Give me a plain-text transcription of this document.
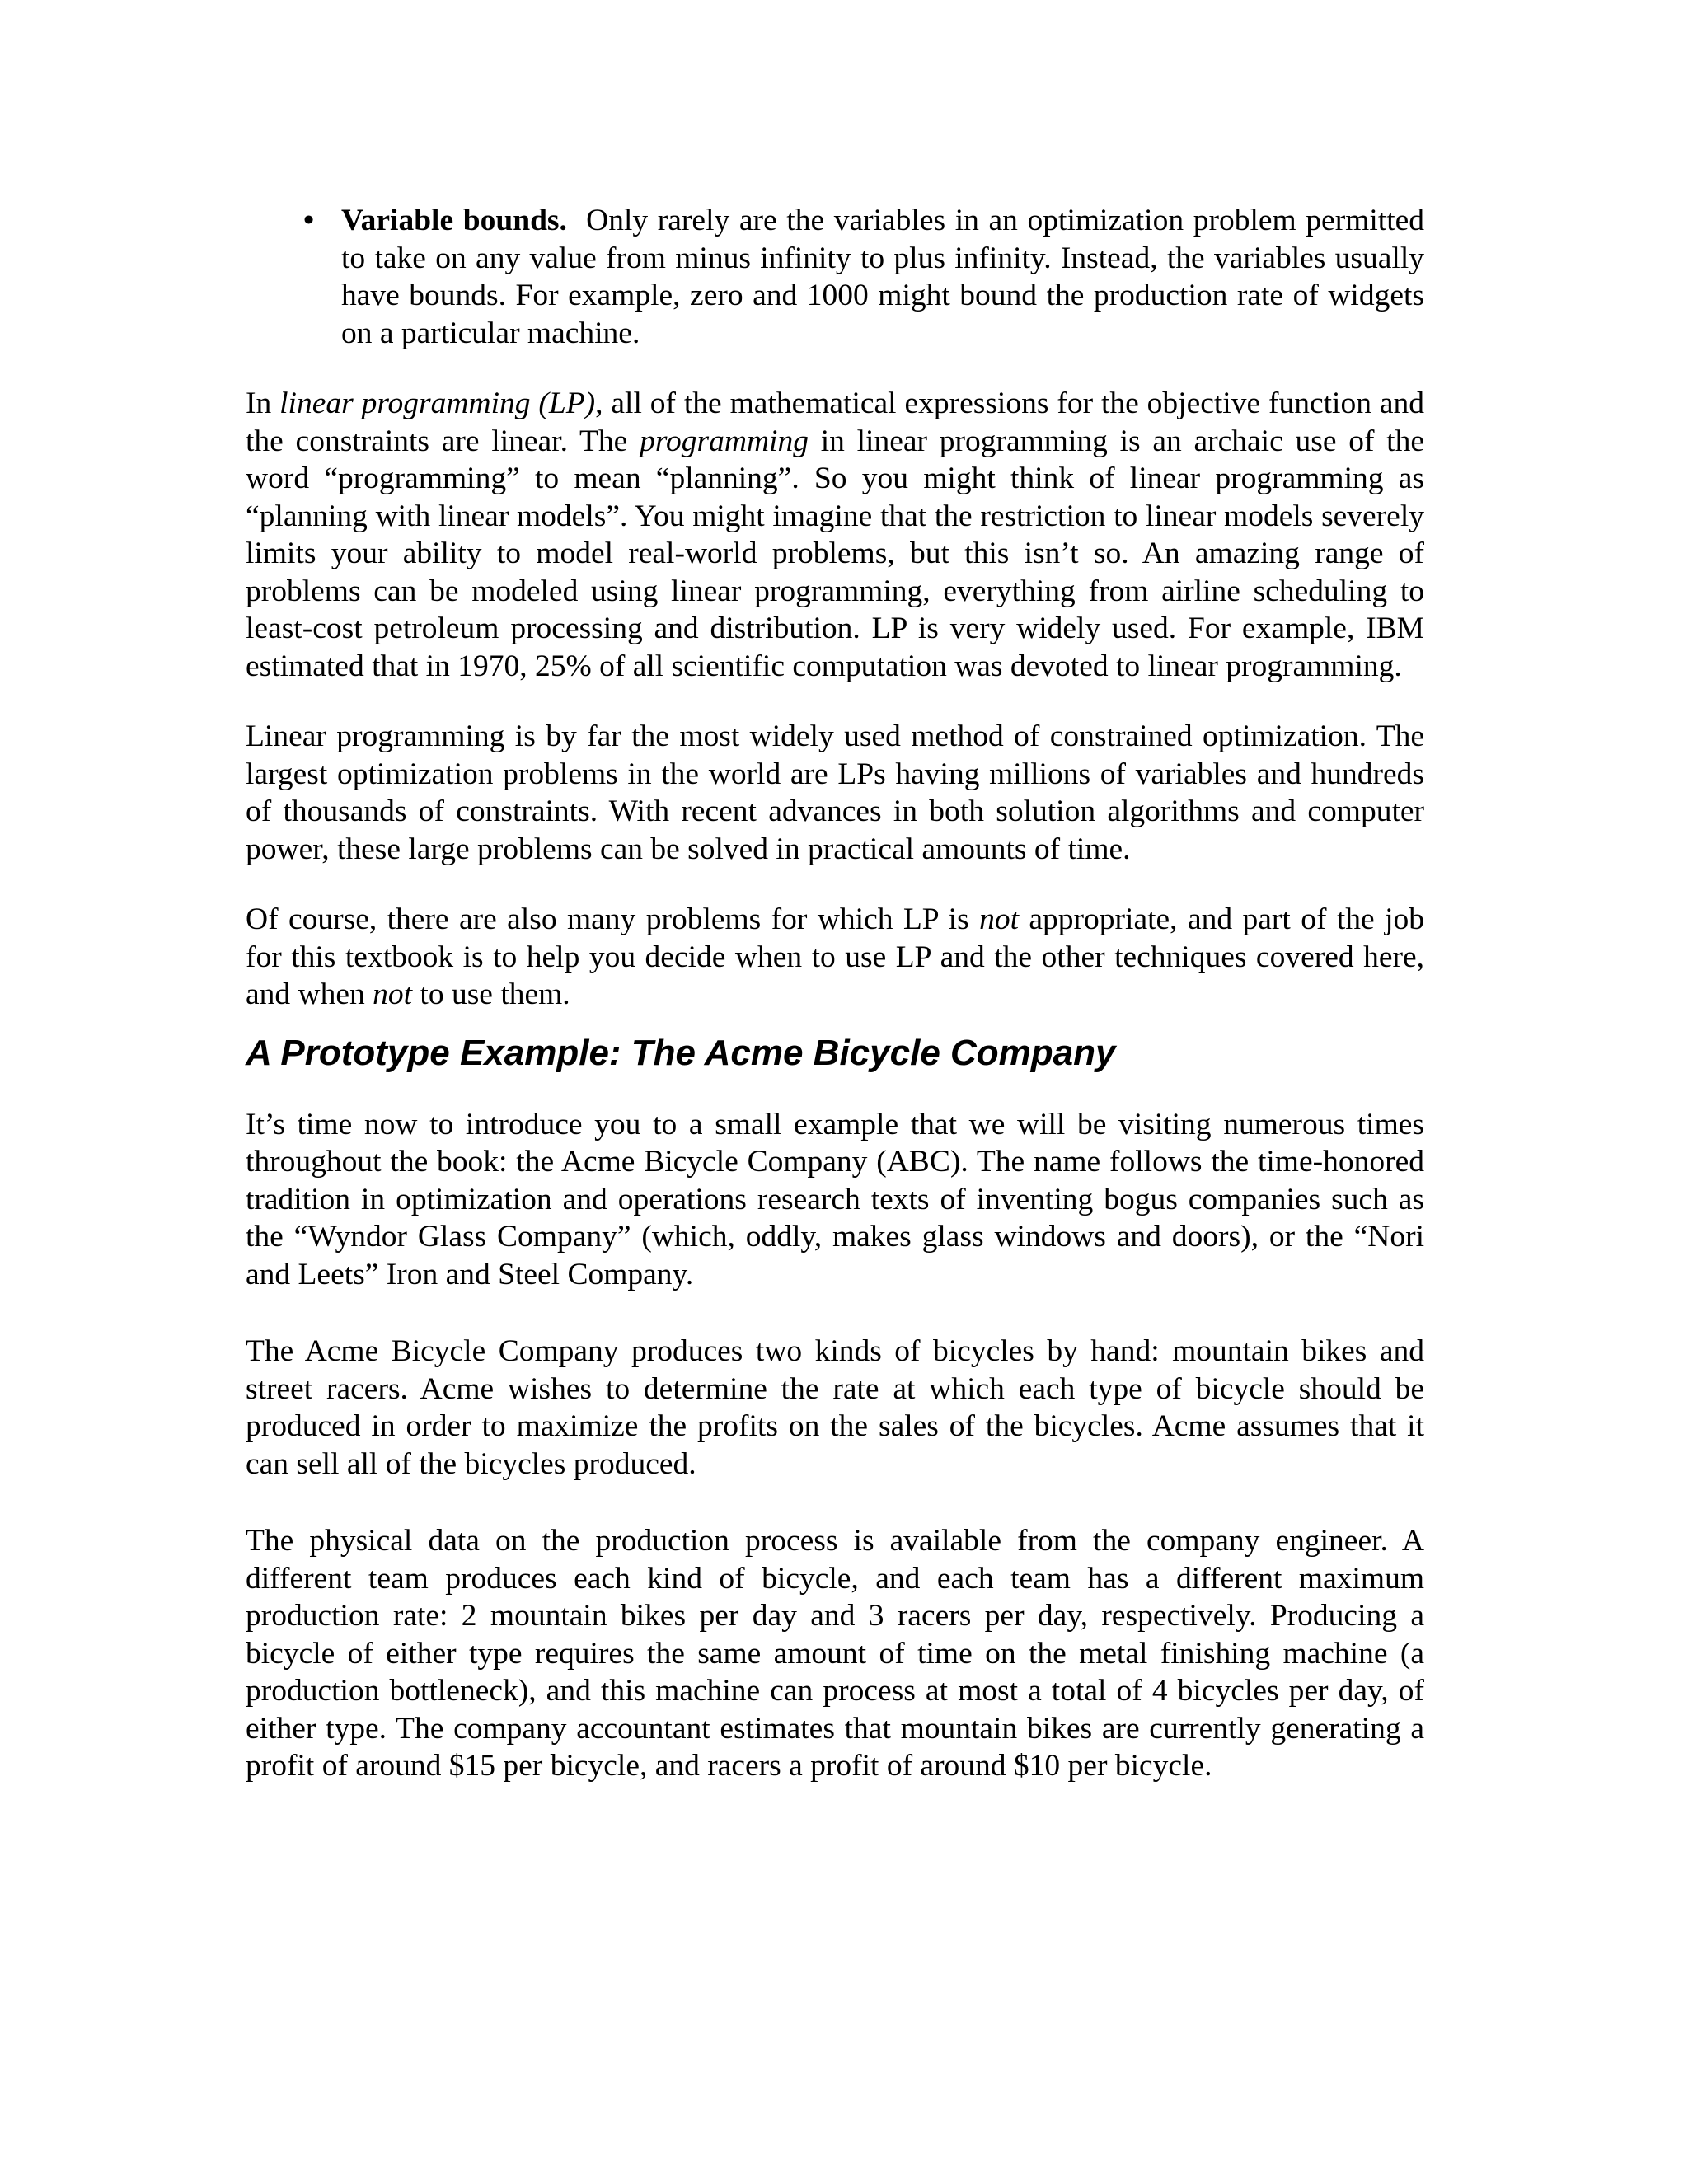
• Variable bounds. Only rarely are the variables in an optimization problem permitted to take on any value from minus infinity to plus infinity. Instead, the variables usually have bounds. For example, zero and 1000 might bound the production rate of widgets on a particular machine.

In linear programming (LP), all of the mathematical expressions for the objective function and the constraints are linear. The programming in linear programming is an archaic use of the word “programming” to mean “planning”. So you might think of linear programming as “planning with linear models”. You might imagine that the restriction to linear models severely limits your ability to model real-world problems, but this isn’t so. An amazing range of problems can be modeled using linear programming, everything from airline scheduling to least-cost petroleum processing and distribution. LP is very widely used. For example, IBM estimated that in 1970, 25% of all scientific computation was devoted to linear programming.

Linear programming is by far the most widely used method of constrained optimization. The largest optimization problems in the world are LPs having millions of variables and hundreds of thousands of constraints. With recent advances in both solution algorithms and computer power, these large problems can be solved in practical amounts of time.

Of course, there are also many problems for which LP is not appropriate, and part of the job for this textbook is to help you decide when to use LP and the other techniques covered here, and when not to use them.

A Prototype Example: The Acme Bicycle Company

It’s time now to introduce you to a small example that we will be visiting numerous times throughout the book: the Acme Bicycle Company (ABC). The name follows the time-honored tradition in optimization and operations research texts of inventing bogus companies such as the “Wyndor Glass Company” (which, oddly, makes glass windows and doors), or the “Nori and Leets” Iron and Steel Company.

The Acme Bicycle Company produces two kinds of bicycles by hand: mountain bikes and street racers. Acme wishes to determine the rate at which each type of bicycle should be produced in order to maximize the profits on the sales of the bicycles. Acme assumes that it can sell all of the bicycles produced.

The physical data on the production process is available from the company engineer. A different team produces each kind of bicycle, and each team has a different maximum production rate: 2 mountain bikes per day and 3 racers per day, respectively. Producing a bicycle of either type requires the same amount of time on the metal finishing machine (a production bottleneck), and this machine can process at most a total of 4 bicycles per day, of either type. The company accountant estimates that mountain bikes are currently generating a profit of around $15 per bicycle, and racers a profit of around $10 per bicycle.
